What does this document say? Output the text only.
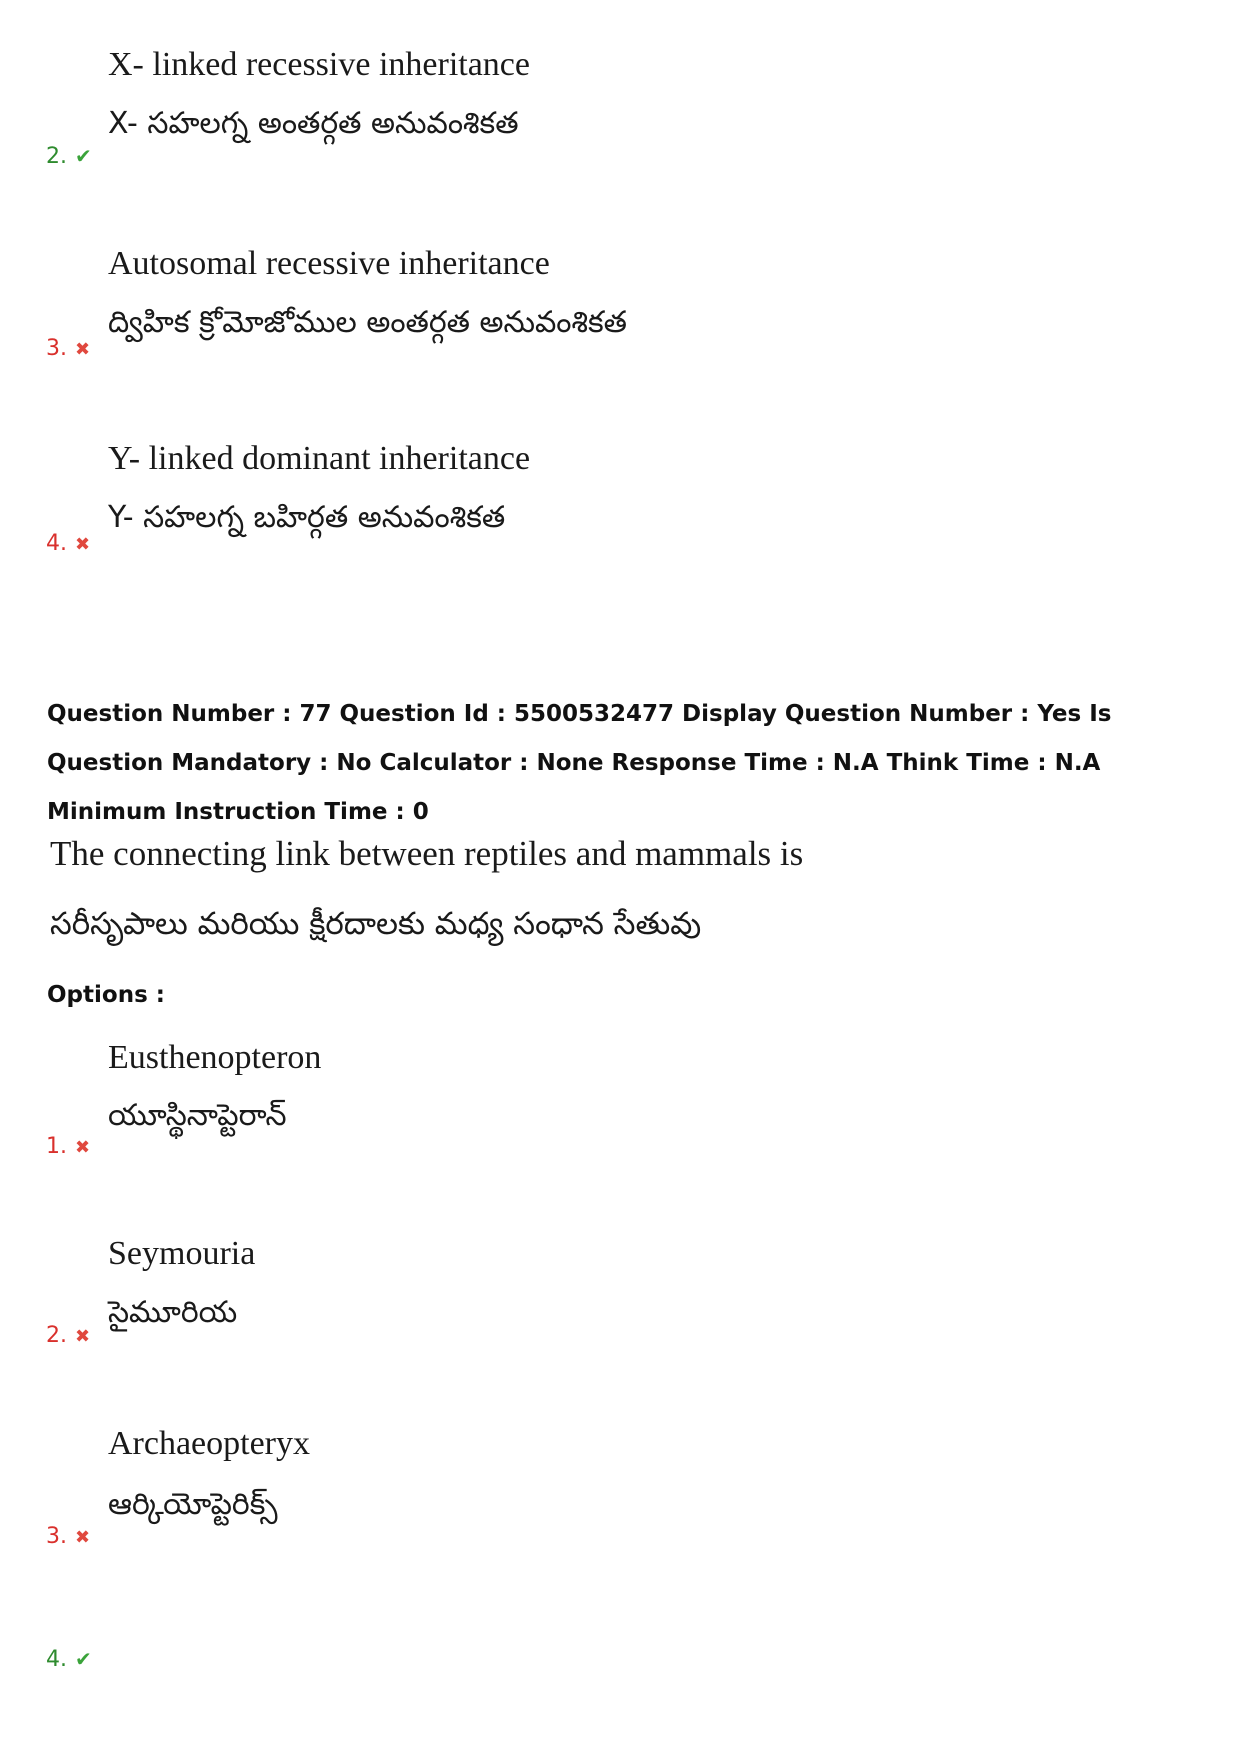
X- linked recessive inheritance
X- సహలగ్న అంతర్గత అనువంశికత
2. ✔
Autosomal recessive inheritance
ద్విహిక క్రోమోజోముల అంతర్గత అనువంశికత
3. ✖
Y- linked dominant inheritance
Y- సహలగ్న బహిర్గత అనువంశికత
4. ✖
Question Number : 77 Question Id : 5500532477 Display Question Number : Yes Is Question Mandatory : No Calculator : None Response Time : N.A Think Time : N.A Minimum Instruction Time : 0
The connecting link between reptiles and mammals is
సరీసృపాలు మరియు క్షీరదాలకు మధ్య సంధాన సేతువు
Options :
Eusthenopteron
యూస్థినాప్టెరాన్
1. ✖
Seymouria
సైమూరియ
2. ✖
Archaeopteryx
ఆర్కియోప్టెరిక్స్
3. ✖
4. ✔
